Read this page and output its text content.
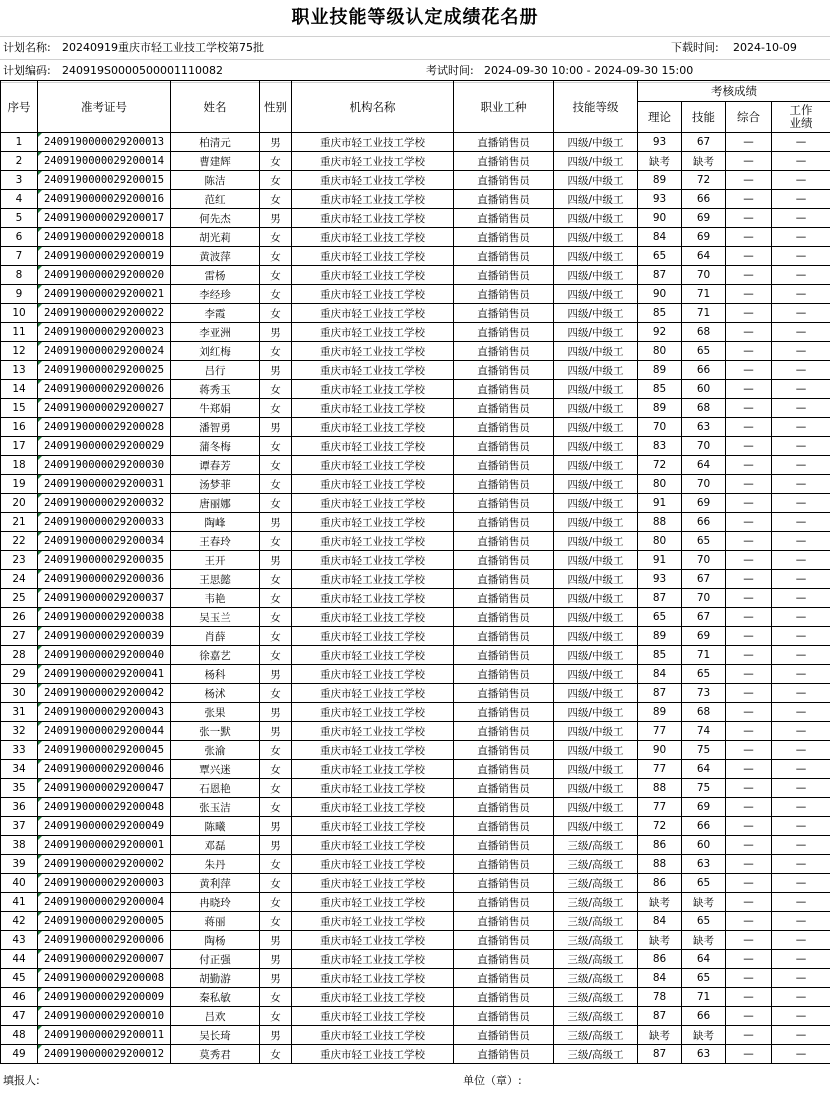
职业技能等级认定成绩花名册
计划名称: 20240919重庆市轻工业技工学校第75批	下载时间: 2024-10-09
计划编码: 240919S0000500001110082	考试时间: 2024-09-30 10:00 - 2024-09-30 15:00
序号	准考证号	姓名	性别	机构名称	职业工种	技能等级	考核成绩			
							理论	技能	综合	工作
业绩
1	2409190000029200013	柏清元	男	重庆市轻工业技工学校	直播销售员	四级/中级工	93	67	—	—
2	2409190000029200014	曹建辉	女	重庆市轻工业技工学校	直播销售员	四级/中级工	缺考	缺考	—	—
3	2409190000029200015	陈洁	女	重庆市轻工业技工学校	直播销售员	四级/中级工	89	72	—	—
4	2409190000029200016	范红	女	重庆市轻工业技工学校	直播销售员	四级/中级工	93	66	—	—
5	2409190000029200017	何先杰	男	重庆市轻工业技工学校	直播销售员	四级/中级工	90	69	—	—
6	2409190000029200018	胡光莉	女	重庆市轻工业技工学校	直播销售员	四级/中级工	84	69	—	—
7	2409190000029200019	黄波萍	女	重庆市轻工业技工学校	直播销售员	四级/中级工	65	64	—	—
8	2409190000029200020	雷杨	女	重庆市轻工业技工学校	直播销售员	四级/中级工	87	70	—	—
9	2409190000029200021	李经珍	女	重庆市轻工业技工学校	直播销售员	四级/中级工	90	71	—	—
10	2409190000029200022	李霞	女	重庆市轻工业技工学校	直播销售员	四级/中级工	85	71	—	—
11	2409190000029200023	李亚洲	男	重庆市轻工业技工学校	直播销售员	四级/中级工	92	68	—	—
12	2409190000029200024	刘红梅	女	重庆市轻工业技工学校	直播销售员	四级/中级工	80	65	—	—
13	2409190000029200025	吕行	男	重庆市轻工业技工学校	直播销售员	四级/中级工	89	66	—	—
14	2409190000029200026	蒋秀玉	女	重庆市轻工业技工学校	直播销售员	四级/中级工	85	60	—	—
15	2409190000029200027	牛郑娟	女	重庆市轻工业技工学校	直播销售员	四级/中级工	89	68	—	—
16	2409190000029200028	潘智勇	男	重庆市轻工业技工学校	直播销售员	四级/中级工	70	63	—	—
17	2409190000029200029	蒲冬梅	女	重庆市轻工业技工学校	直播销售员	四级/中级工	83	70	—	—
18	2409190000029200030	谭春芳	女	重庆市轻工业技工学校	直播销售员	四级/中级工	72	64	—	—
19	2409190000029200031	汤梦菲	女	重庆市轻工业技工学校	直播销售员	四级/中级工	80	70	—	—
20	2409190000029200032	唐丽娜	女	重庆市轻工业技工学校	直播销售员	四级/中级工	91	69	—	—
21	2409190000029200033	陶峰	男	重庆市轻工业技工学校	直播销售员	四级/中级工	88	66	—	—
22	2409190000029200034	王春玲	女	重庆市轻工业技工学校	直播销售员	四级/中级工	80	65	—	—
23	2409190000029200035	王开	男	重庆市轻工业技工学校	直播销售员	四级/中级工	91	70	—	—
24	2409190000029200036	王思懿	女	重庆市轻工业技工学校	直播销售员	四级/中级工	93	67	—	—
25	2409190000029200037	韦艳	女	重庆市轻工业技工学校	直播销售员	四级/中级工	87	70	—	—
26	2409190000029200038	吴玉兰	女	重庆市轻工业技工学校	直播销售员	四级/中级工	65	67	—	—
27	2409190000029200039	肖薛	女	重庆市轻工业技工学校	直播销售员	四级/中级工	89	69	—	—
28	2409190000029200040	徐嘉艺	女	重庆市轻工业技工学校	直播销售员	四级/中级工	85	71	—	—
29	2409190000029200041	杨科	男	重庆市轻工业技工学校	直播销售员	四级/中级工	84	65	—	—
30	2409190000029200042	杨沭	女	重庆市轻工业技工学校	直播销售员	四级/中级工	87	73	—	—
31	2409190000029200043	张果	男	重庆市轻工业技工学校	直播销售员	四级/中级工	89	68	—	—
32	2409190000029200044	张一默	男	重庆市轻工业技工学校	直播销售员	四级/中级工	77	74	—	—
33	2409190000029200045	张渝	女	重庆市轻工业技工学校	直播销售员	四级/中级工	90	75	—	—
34	2409190000029200046	覃兴迷	女	重庆市轻工业技工学校	直播销售员	四级/中级工	77	64	—	—
35	2409190000029200047	石恩艳	女	重庆市轻工业技工学校	直播销售员	四级/中级工	88	75	—	—
36	2409190000029200048	张玉洁	女	重庆市轻工业技工学校	直播销售员	四级/中级工	77	69	—	—
37	2409190000029200049	陈曦	男	重庆市轻工业技工学校	直播销售员	四级/中级工	72	66	—	—
38	2409190000029200001	邓磊	男	重庆市轻工业技工学校	直播销售员	三级/高级工	86	60	—	—
39	2409190000029200002	朱丹	女	重庆市轻工业技工学校	直播销售员	三级/高级工	88	63	—	—
40	2409190000029200003	黄利萍	女	重庆市轻工业技工学校	直播销售员	三级/高级工	86	65	—	—
41	2409190000029200004	冉晓玲	女	重庆市轻工业技工学校	直播销售员	三级/高级工	缺考	缺考	—	—
42	2409190000029200005	蒋丽	女	重庆市轻工业技工学校	直播销售员	三级/高级工	84	65	—	—
43	2409190000029200006	陶杨	男	重庆市轻工业技工学校	直播销售员	三级/高级工	缺考	缺考	—	—
44	2409190000029200007	付正强	男	重庆市轻工业技工学校	直播销售员	三级/高级工	86	64	—	—
45	2409190000029200008	胡勤游	男	重庆市轻工业技工学校	直播销售员	三级/高级工	84	65	—	—
46	2409190000029200009	秦私敏	女	重庆市轻工业技工学校	直播销售员	三级/高级工	78	71	—	—
47	2409190000029200010	吕欢	女	重庆市轻工业技工学校	直播销售员	三级/高级工	87	66	—	—
48	2409190000029200011	吴长琦	男	重庆市轻工业技工学校	直播销售员	三级/高级工	缺考	缺考	—	—
49	2409190000029200012	莫秀君	女	重庆市轻工业技工学校	直播销售员	三级/高级工	87	63	—	—
填报人:	单位（章）:
